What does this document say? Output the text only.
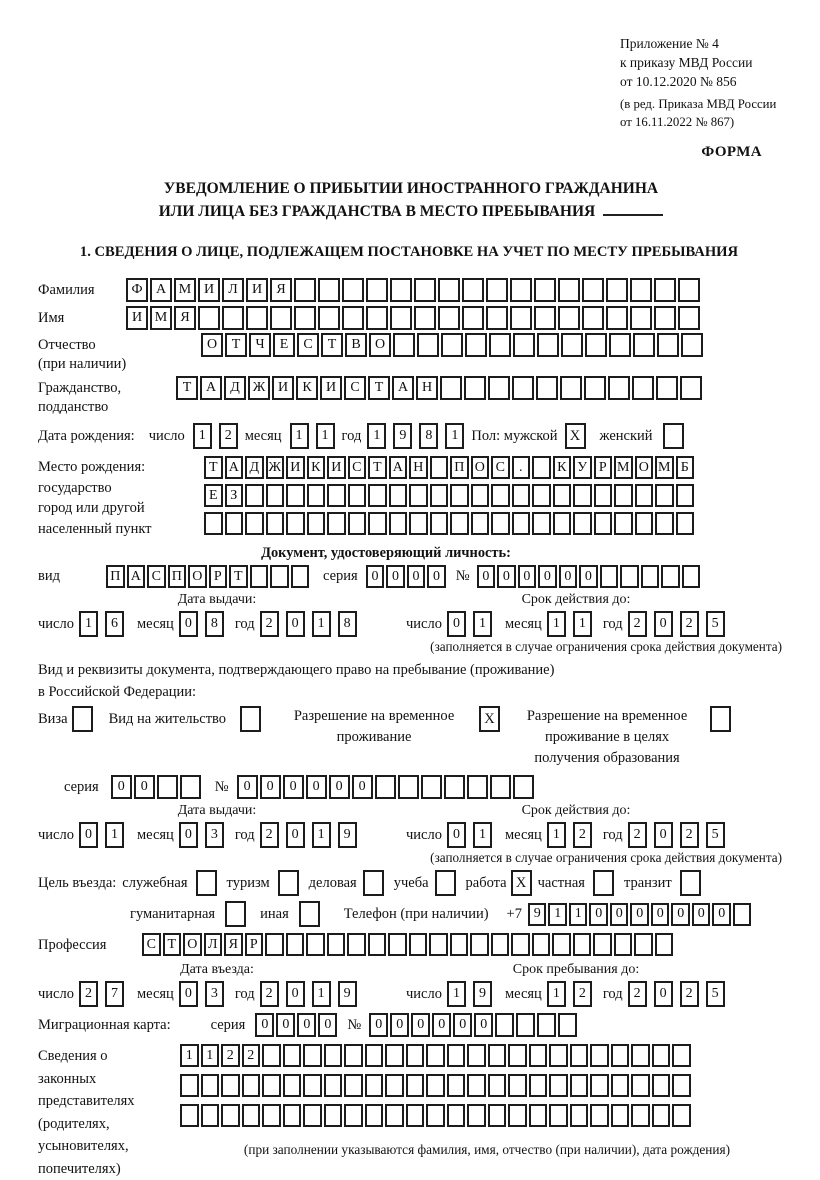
Приложение № 4
к приказу МВД России
от 10.12.2020 № 856
(в ред. Приказа МВД России
от 16.11.2022 № 867)
ФОРМА
УВЕДОМЛЕНИЕ О ПРИБЫТИИ ИНОСТРАННОГО ГРАЖДАНИНА
ИЛИ ЛИЦА БЕЗ ГРАЖДАНСТВА В МЕСТО ПРЕБЫВАНИЯ
1. СВЕДЕНИЯ О ЛИЦЕ, ПОДЛЕЖАЩЕМ ПОСТАНОВКЕ НА УЧЕТ ПО МЕСТУ ПРЕБЫВАНИЯ
Фамилия	Ф А М И	Л	И	Я
Имя	И М Я
Отчество
(при наличии)
О	Т	Ч	Е	С	Т	В	О
Гражданство,
подданство
Т	А	Д Ж И	К	И	С	Т	А Н
Дата рождения: число	1	2 месяц	1	1 год 1	9	8	1 Пол: мужской X	женский
Место рождения:
государство
город или другой
населенный пункт
Т А Д Ж И К И С Т А Н П О С	.	К У Р М О М Б

Е З

Документ, удостоверяющий личность:
вид	П А С П О Р Т	серия 0 0 0 0	№ 0 0 0 0 0 0
Дата выдачи:
число 1	6	месяц 0	8	год 2	0	1	8
Срок действия до:
число 0	1	месяц 1	1	год 2	0	2	5
(заполняется в случае ограничения срока действия документа)
Вид и реквизиты документа, подтверждающего право на пребывание (проживание)
в Российской Федерации:
Виза	Вид на жительство	Разрешение на временное
проживание
X	Разрешение на временное
проживание в целях
получения образования
серия	0	0	№	0	0	0	0	0	0
Дата выдачи:
число 0	1	месяц 0	3	год 2	0	1	9
Срок действия до:
число 0	1	месяц 1	2	год 2	0	2	5
(заполняется в случае ограничения срока действия документа)
Цель въезда: служебная	туризм	деловая	учеба	работа X частная	транзит
гуманитарная	иная	Телефон (при наличии) +7 9 1 1 0 0 0 0 0 0 0
Профессия	С Т О Л Я Р
Дата въезда:
число 2	7	месяц 0	3	год 2	0	1	9
Срок пребывания до:
число 1	9	месяц 1	2	год 2	0	2	5
Миграционная карта:	серия	0	0	0	0	№	0	0	0	0	0	0
Сведения о
законных
представителях
(родителях,
усыновителях,
попечителях)
1 1 2 2

(при заполнении указываются фамилия, имя, отчество (при наличии), дата рождения)
